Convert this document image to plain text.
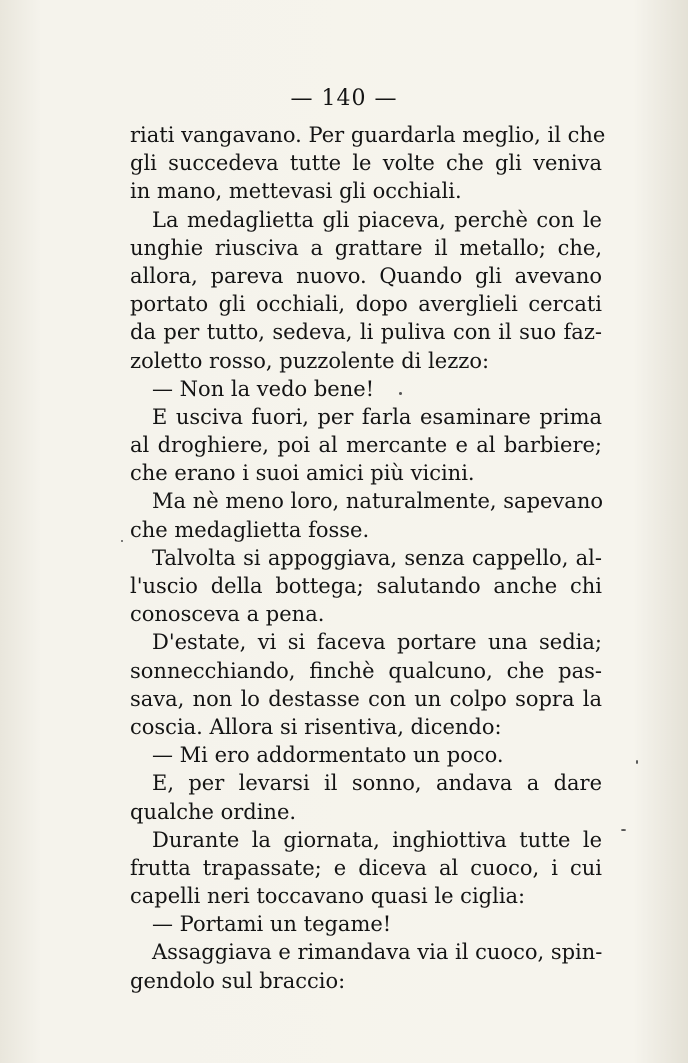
— 140 —
riati vangavano. Per guardarla meglio, il che
gli succedeva tutte le volte che gli veniva
in mano, mettevasi gli occhiali.
La medaglietta gli piaceva, perchè con le
unghie riusciva a grattare il metallo; che,
allora, pareva nuovo. Quando gli avevano
portato gli occhiali, dopo averglieli cercati
da per tutto, sedeva, li puliva con il suo faz-
zoletto rosso, puzzolente di lezzo:
— Non la vedo bene!
E usciva fuori, per farla esaminare prima
al droghiere, poi al mercante e al barbiere;
che erano i suoi amici più vicini.
Ma nè meno loro, naturalmente, sapevano
che medaglietta fosse.
Talvolta si appoggiava, senza cappello, al-
l'uscio della bottega; salutando anche chi
conosceva a pena.
D'estate, vi si faceva portare una sedia;
sonnecchiando, finchè qualcuno, che pas-
sava, non lo destasse con un colpo sopra la
coscia. Allora si risentiva, dicendo:
— Mi ero addormentato un poco.
E, per levarsi il sonno, andava a dare
qualche ordine.
Durante la giornata, inghiottiva tutte le
frutta trapassate; e diceva al cuoco, i cui
capelli neri toccavano quasi le ciglia:
— Portami un tegame!
Assaggiava e rimandava via il cuoco, spin-
gendolo sul braccio:
